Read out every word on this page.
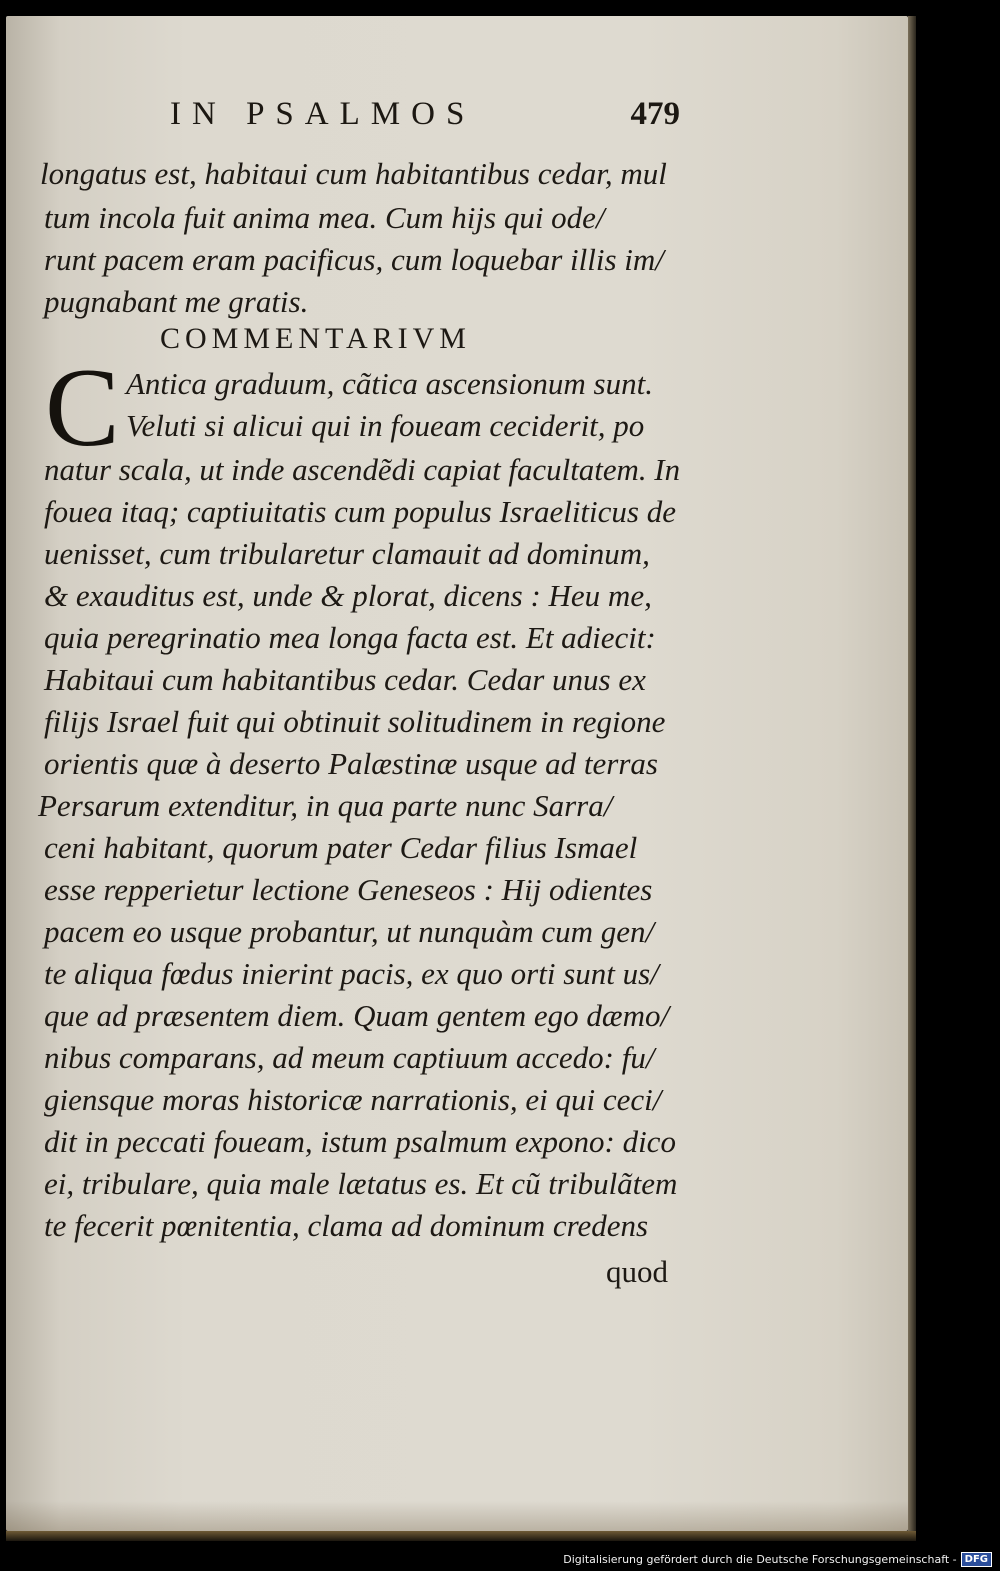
IN PSALMOS	479
longatus est, habitaui cum habitantibus cedar, mul
tum incola fuit anima mea. Cum hijs qui ode/
runt pacem eram pacificus, cum loquebar illis im/
pugnabant me gratis.
COMMENTARIVM
C Antica graduum, cãtica ascensionum sunt.
Veluti si alicui qui in foueam ceciderit, po
natur scala, ut inde ascendẽdi capiat facultatem. In
fouea itaq; captiuitatis cum populus Israeliticus de
uenisset, cum tribularetur clamauit ad dominum,
& exauditus est, unde & plorat, dicens : Heu me,
quia peregrinatio mea longa facta est. Et adiecit:
Habitaui cum habitantibus cedar. Cedar unus ex
filijs Israel fuit qui obtinuit solitudinem in regione
orientis quæ à deserto Palæstinæ usque ad terras
Persarum extenditur, in qua parte nunc Sarra/
ceni habitant, quorum pater Cedar filius Ismael
esse repperietur lectione Geneseos : Hij odientes
pacem eo usque probantur, ut nunquàm cum gen/
te aliqua fœdus inierint pacis, ex quo orti sunt us/
que ad præsentem diem. Quam gentem ego dæmo/
nibus comparans, ad meum captiuum accedo: fu/
giensque moras historicæ narrationis, ei qui ceci/
dit in peccati foueam, istum psalmum expono: dico
ei, tribulare, quia male lætatus es. Et cũ tribulãtem
te fecerit pœnitentia, clama ad dominum credens
quod
Digitalisierung gefördert durch die Deutsche Forschungsgemeinschaft - DFG
